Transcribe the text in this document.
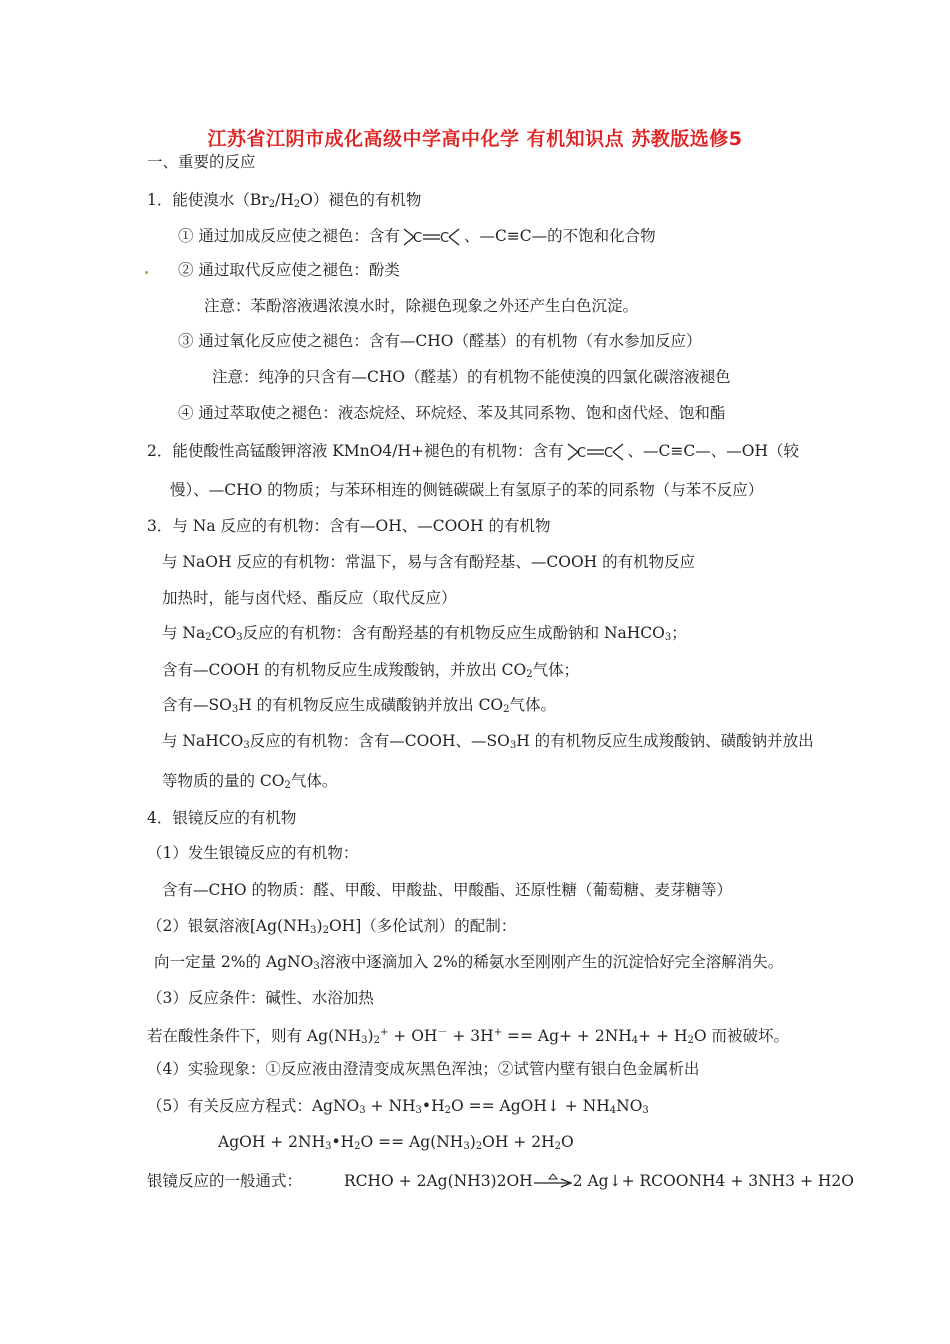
江苏省江阴市成化高级中学高中化学 有机知识点 苏教版选修5
一、重要的反应
1．能使溴水$(Br_2/H_2O)$褪色的有机物
① 通过加成反应使之褪色：含有 C C 、—C≡C—的不饱和化合物
② 通过取代反应使之褪色：酚类
注意：苯酚溶液遇浓溴水时，除褪色现象之外还产生白色沉淀。
③ 通过氧化反应使之褪色：含有—CHO（醛基）的有机物（有水参加反应）
注意：纯净的只含有—CHO（醛基）的有机物不能使溴的四氯化碳溶液褪色
④ 通过萃取使之褪色：液态烷烃、环烷烃、苯及其同系物、饱和卤代烃、饱和酯
2．能使酸性高锰酸钾溶液 KMnO4/H+褪色的有机物：含有 C C 、—C≡C—、—OH（较
慢）、—CHO 的物质；与苯环相连的侧链碳碳上有氢原子的苯的同系物（与苯不反应）
3．与 Na 反应的有机物：含有—OH、—COOH 的有机物
与 NaOH 反应的有机物：常温下，易与含有酚羟基、—COOH 的有机物反应
加热时，能与卤代烃、酯反应（取代反应）
与 $Na_2CO_3$反应的有机物：含有酚羟基的有机物反应生成酚钠和 NaHCO$_3$；
含有—COOH 的有机物反应生成羧酸钠，并放出 $CO_2$气体；
含有$—SO_3H$ 的有机物反应生成磺酸钠并放出 $CO_2$气体。
与 NaHCO$_3$反应的有机物：含有—COOH、$—SO_3H$ 的有机物反应生成羧酸钠、磺酸钠并放出
等物质的量的 $CO_2$气体。
4．银镜反应的有机物
（1）发生银镜反应的有机物：
含有—CHO 的物质：醛、甲酸、甲酸盐、甲酸酯、还原性糖（葡萄糖、麦芽糖等）
（2）银氨溶液$[Ag(NH_3)_2OH]$（多伦试剂）的配制：
向一定量 2%的 AgNO$_3$溶液中逐滴加入 2%的稀氨水至刚刚产生的沉淀恰好完全溶解消失。
（3）反应条件：碱性、水浴加热
若在酸性条件下，则有 $Ag(NH_3)_2^+ + OH^- + 3H^+ == Ag+ + 2NH_4+ + H_2O$ 而被破坏。
（4）实验现象：①反应液由澄清变成灰黑色浑浊；②试管内壁有银白色金属析出
（5）有关反应方程式：AgNO$_3$ + $NH_3•H_2O$ == AgOH↓ + $NH_4NO_3$
AgOH + $2NH_3•H_2O == Ag(NH_3)_2OH + 2H_2O$
银镜反应的一般通式：	RCHO + 2Ag(NH3)2OH	2 Ag↓+ RCOONH4 + 3NH3 + H2O
